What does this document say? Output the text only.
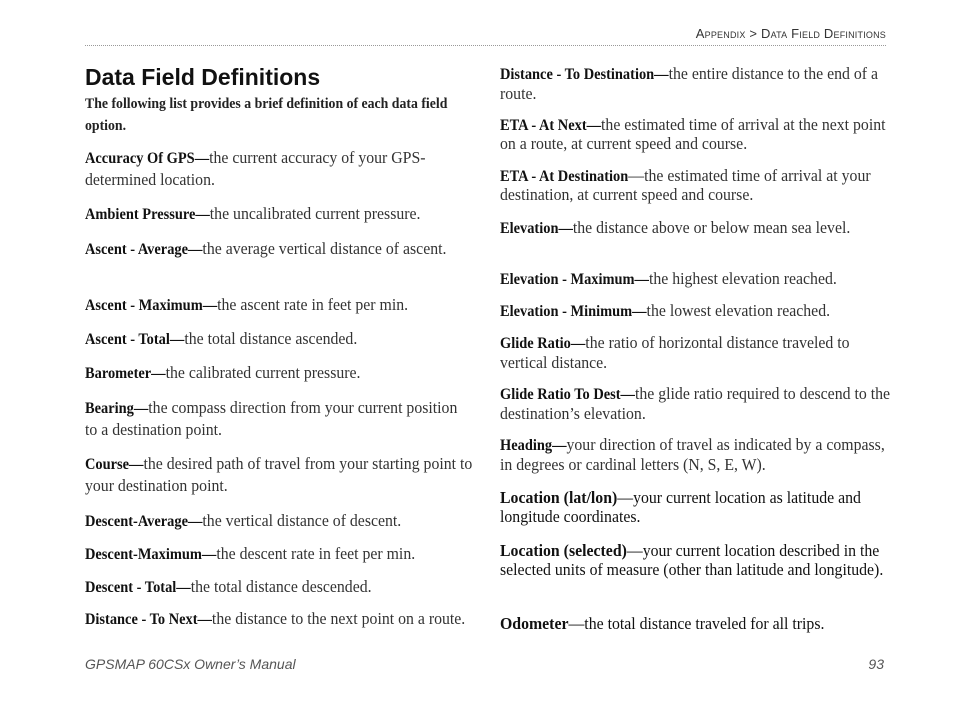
Appendix > Data Field Definitions
Data Field Definitions

The following list provides a brief definition of each data field option.

Accuracy Of GPS—the current accuracy of your GPS-determined location.

Ambient Pressure—the uncalibrated current pressure.

Ascent - Average—the average vertical distance of ascent.

Ascent - Maximum—the ascent rate in feet per min.

Ascent - Total—the total distance ascended.

Barometer—the calibrated current pressure.

Bearing—the compass direction from your current position to a destination point.

Course—the desired path of travel from your starting point to your destination point.

Descent-Average—the vertical distance of descent.

Descent-Maximum—the descent rate in feet per min.

Descent - Total—the total distance descended.

Distance - To Next—the distance to the next point on a route.

Distance - To Destination—the entire distance to the end of a route.

ETA - At Next—the estimated time of arrival at the next point on a route, at current speed and course.

ETA - At Destination—the estimated time of arrival at your destination, at current speed and course.

Elevation—the distance above or below mean sea level.

Elevation - Maximum—the highest elevation reached.

Elevation - Minimum—the lowest elevation reached.

Glide Ratio—the ratio of horizontal distance traveled to vertical distance.

Glide Ratio To Dest—the glide ratio required to descend to the destination’s elevation.

Heading—your direction of travel as indicated by a compass, in degrees or cardinal letters (N, S, E, W).

Location (lat/lon)—your current location as latitude and longitude coordinates.

Location (selected)—your current location described in the selected units of measure (other than latitude and longitude).

Odometer—the total distance traveled for all trips.

GPSMAP 60CSx Owner’s Manual	93
